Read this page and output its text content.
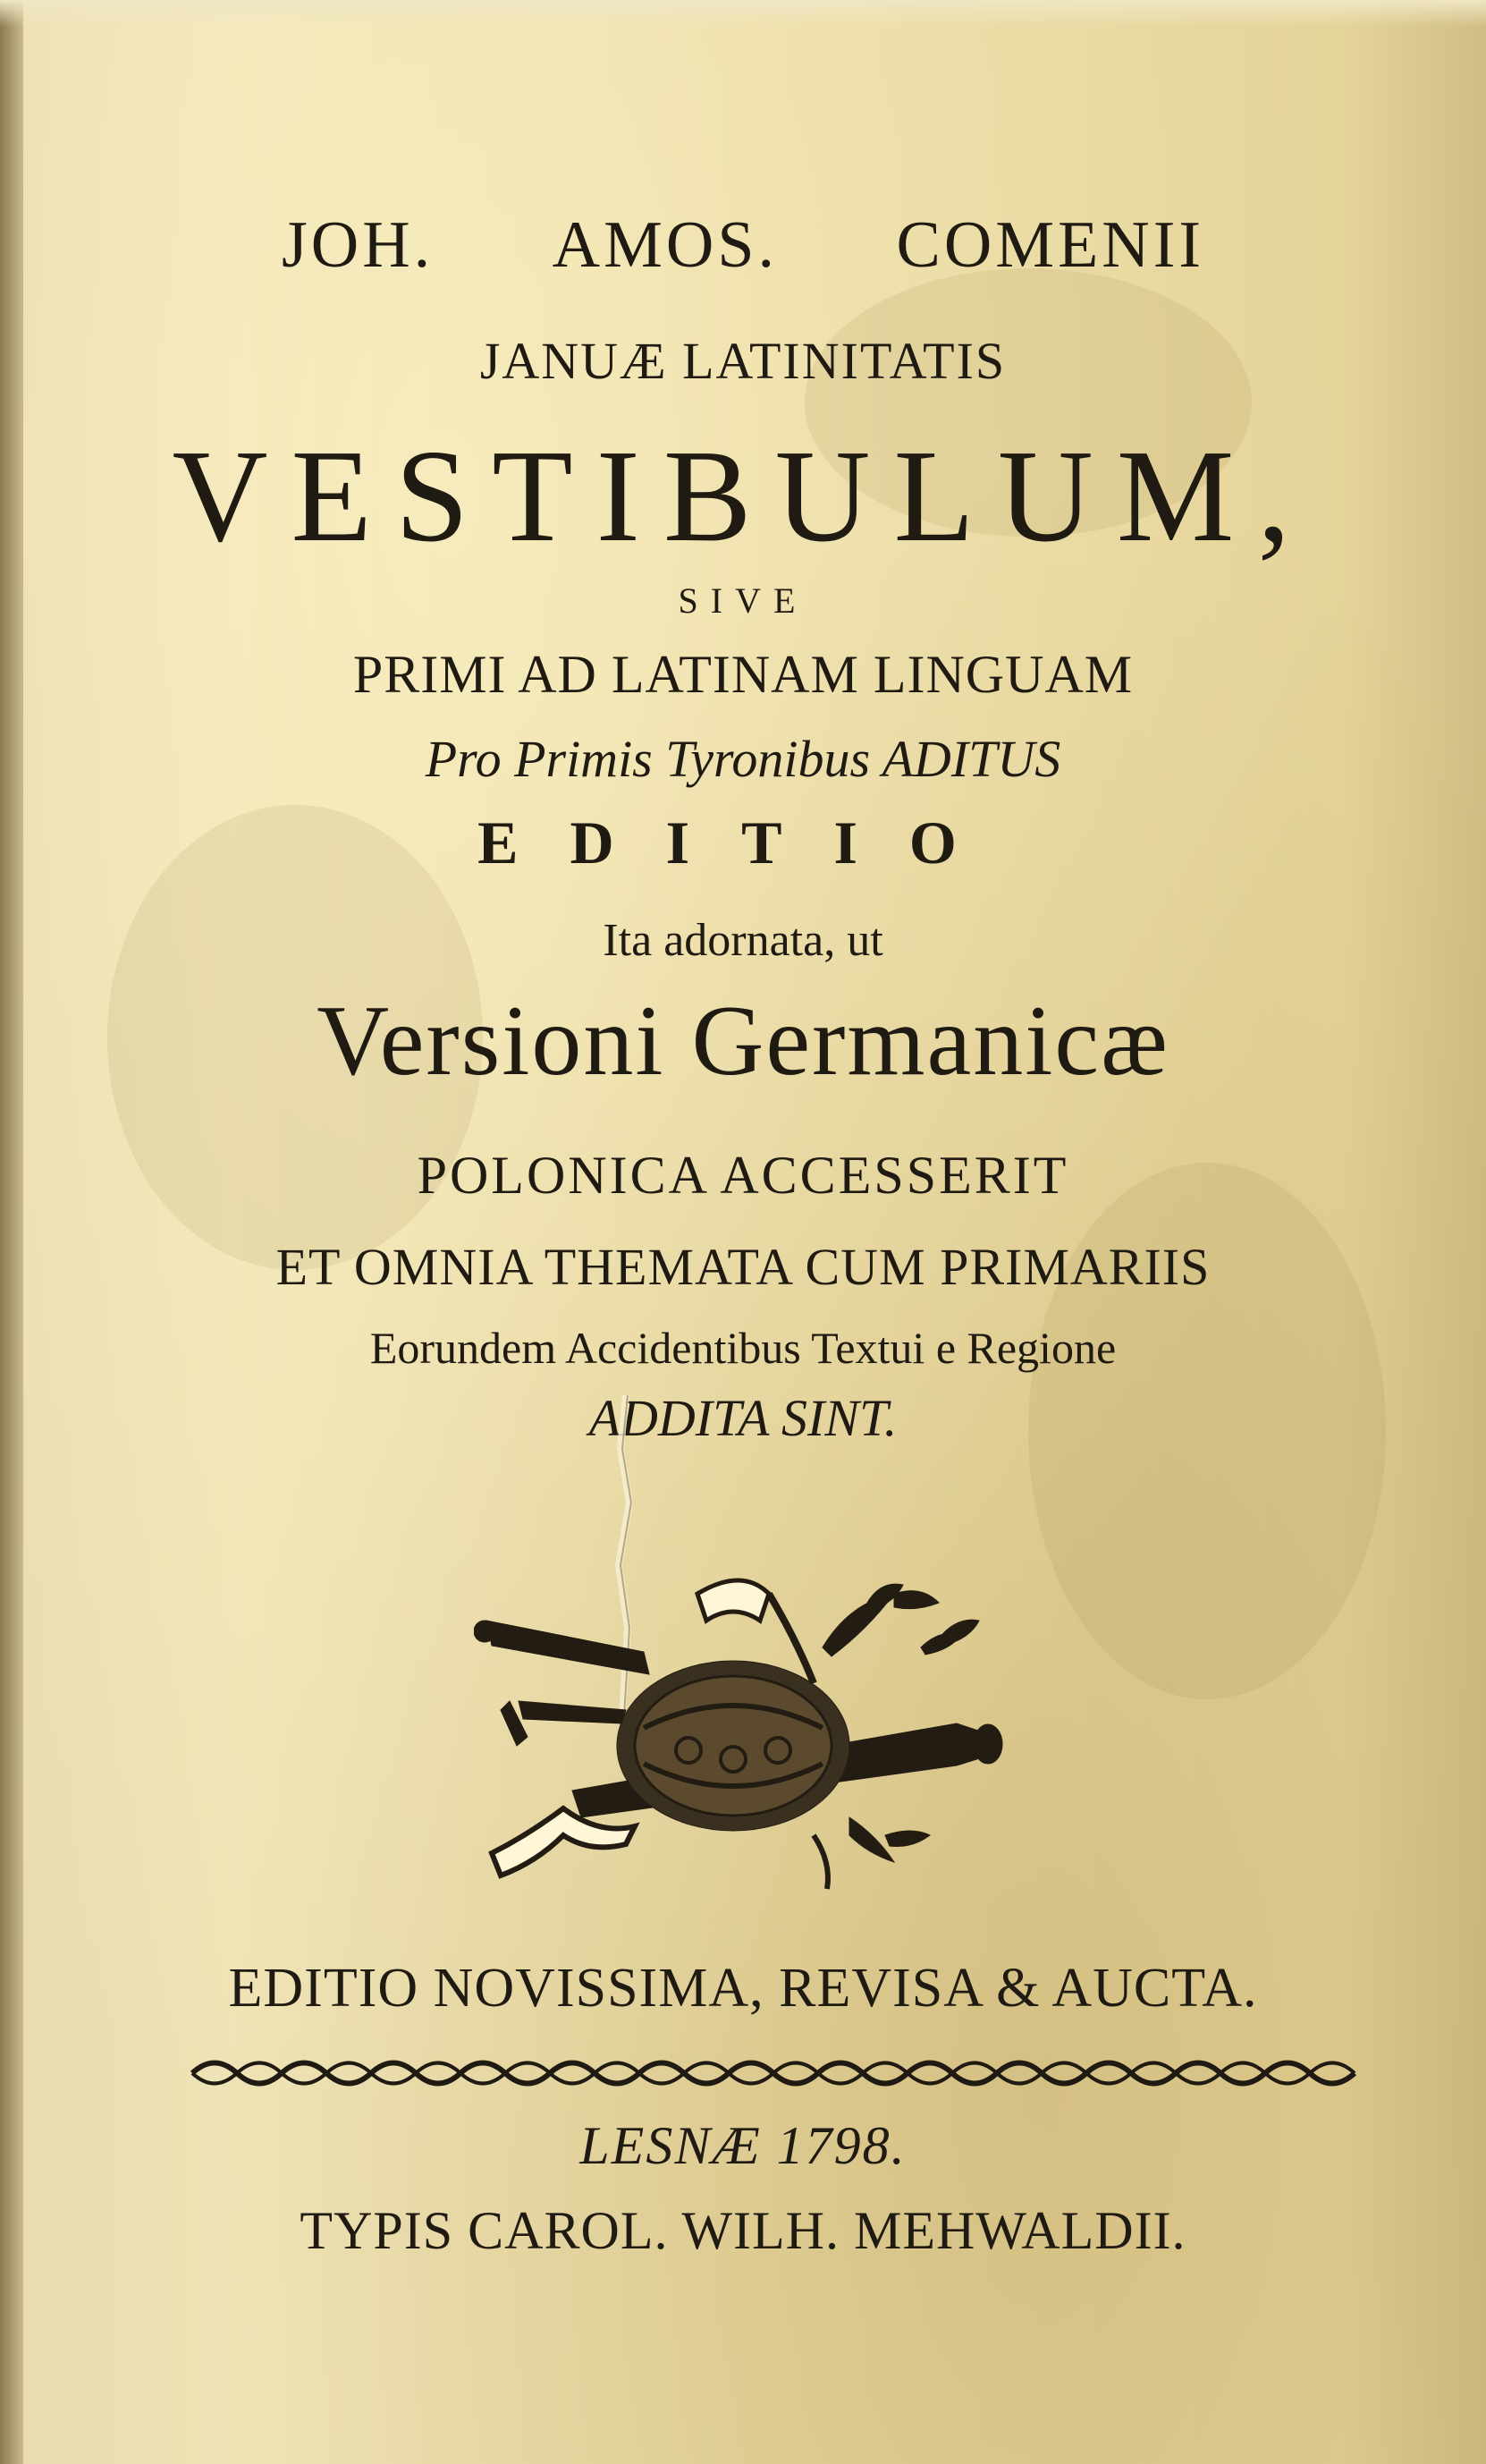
JOH. AMOS. COMENII
JANUÆ LATINITATIS
VESTIBULUM,
SIVE
PRIMI AD LATINAM LINGUAM
Pro Primis Tyronibus ADITUS
EDITIO
Ita adornata, ut
Versioni Germanicæ
POLONICA ACCESSERIT
ET OMNIA THEMATA CUM PRIMARIIS
Eorundem Accidentibus Textui e Regione
ADDITA SINT.
EDITIO NOVISSIMA, REVISA & AUCTA.
LESNÆ 1798.
TYPIS CAROL. WILH. MEHWALDII.
